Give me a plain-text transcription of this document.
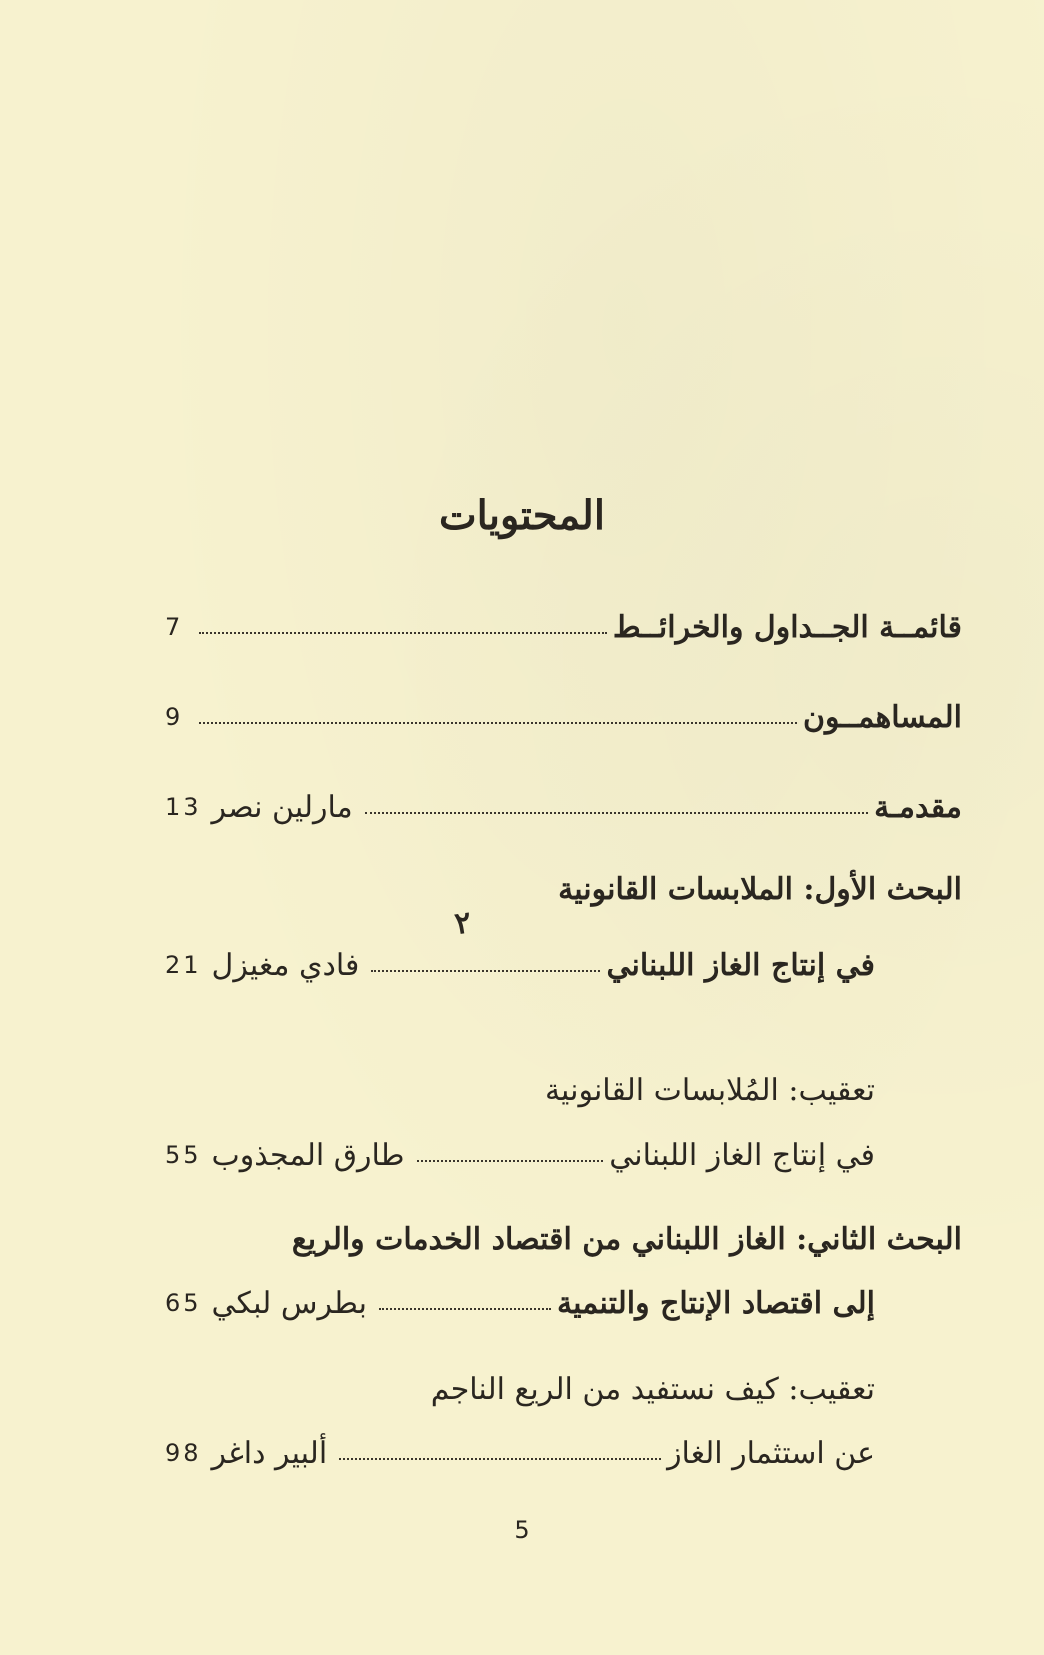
المحتويات
قائمــة الجــداول والخرائــط
7
المساهمــون
9
مقدمـة
مارلين نصر
13
البحث الأول: الملابسات القانونية
٢
في إنتاج الغاز اللبناني
فادي مغيزل
21
تعقيب: المُلابسات القانونية
في إنتاج الغاز اللبناني
طارق المجذوب
55
البحث الثاني: الغاز اللبناني من اقتصاد الخدمات والريع
إلى اقتصاد الإنتاج والتنمية
بطرس لبكي
65
تعقيب: كيف نستفيد من الريع الناجم
عن استثمار الغاز
ألبير داغر
98
5
